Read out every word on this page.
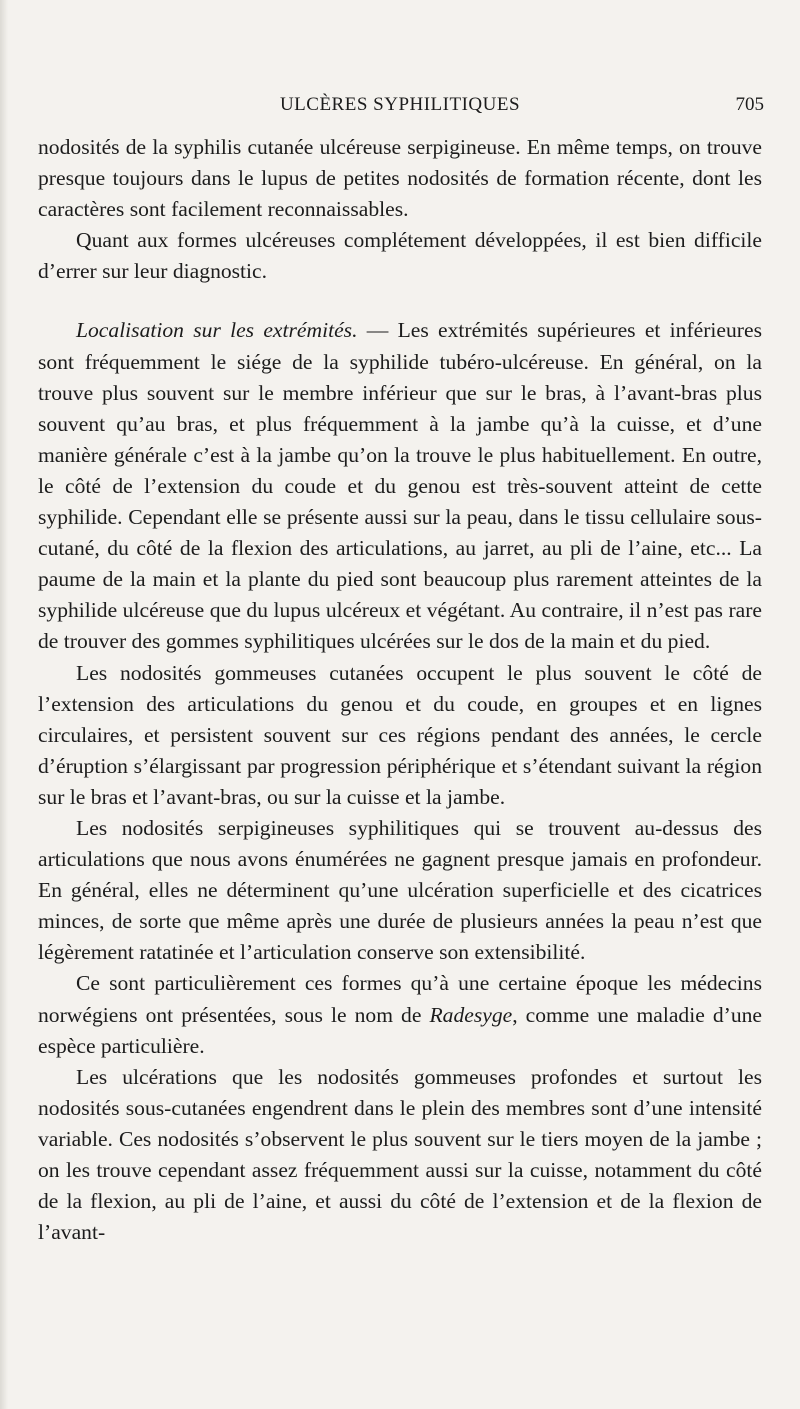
ULCÈRES SYPHILITIQUES	705

nodosités de la syphilis cutanée ulcéreuse serpigineuse. En même temps, on trouve presque toujours dans le lupus de petites nodosités de formation récente, dont les caractères sont facilement reconnaissables.

Quant aux formes ulcéreuses complétement développées, il est bien difficile d’errer sur leur diagnostic.

Localisation sur les extrémités. — Les extrémités supérieures et inférieures sont fréquemment le siége de la syphilide tubéro-ulcéreuse. En général, on la trouve plus souvent sur le membre inférieur que sur le bras, à l’avant-bras plus souvent qu’au bras, et plus fréquemment à la jambe qu’à la cuisse, et d’une manière générale c’est à la jambe qu’on la trouve le plus habituellement. En outre, le côté de l’extension du coude et du genou est très-souvent atteint de cette syphilide. Cependant elle se présente aussi sur la peau, dans le tissu cellulaire sous-cutané, du côté de la flexion des articulations, au jarret, au pli de l’aine, etc... La paume de la main et la plante du pied sont beaucoup plus rarement atteintes de la syphilide ulcéreuse que du lupus ulcéreux et végétant. Au contraire, il n’est pas rare de trouver des gommes syphilitiques ulcérées sur le dos de la main et du pied.

Les nodosités gommeuses cutanées occupent le plus souvent le côté de l’extension des articulations du genou et du coude, en groupes et en lignes circulaires, et persistent souvent sur ces régions pendant des années, le cercle d’éruption s’élargissant par progression périphérique et s’étendant suivant la région sur le bras et l’avant-bras, ou sur la cuisse et la jambe.

Les nodosités serpigineuses syphilitiques qui se trouvent au-dessus des articulations que nous avons énumérées ne gagnent presque jamais en profondeur. En général, elles ne déterminent qu’une ulcération superficielle et des cicatrices minces, de sorte que même après une durée de plusieurs années la peau n’est que légèrement ratatinée et l’articulation conserve son extensibilité.

Ce sont particulièrement ces formes qu’à une certaine époque les médecins norwégiens ont présentées, sous le nom de Radesyge, comme une maladie d’une espèce particulière.

Les ulcérations que les nodosités gommeuses profondes et surtout les nodosités sous-cutanées engendrent dans le plein des membres sont d’une intensité variable. Ces nodosités s’observent le plus souvent sur le tiers moyen de la jambe ; on les trouve cependant assez fréquemment aussi sur la cuisse, notamment du côté de la flexion, au pli de l’aine, et aussi du côté de l’extension et de la flexion de l’avant-
